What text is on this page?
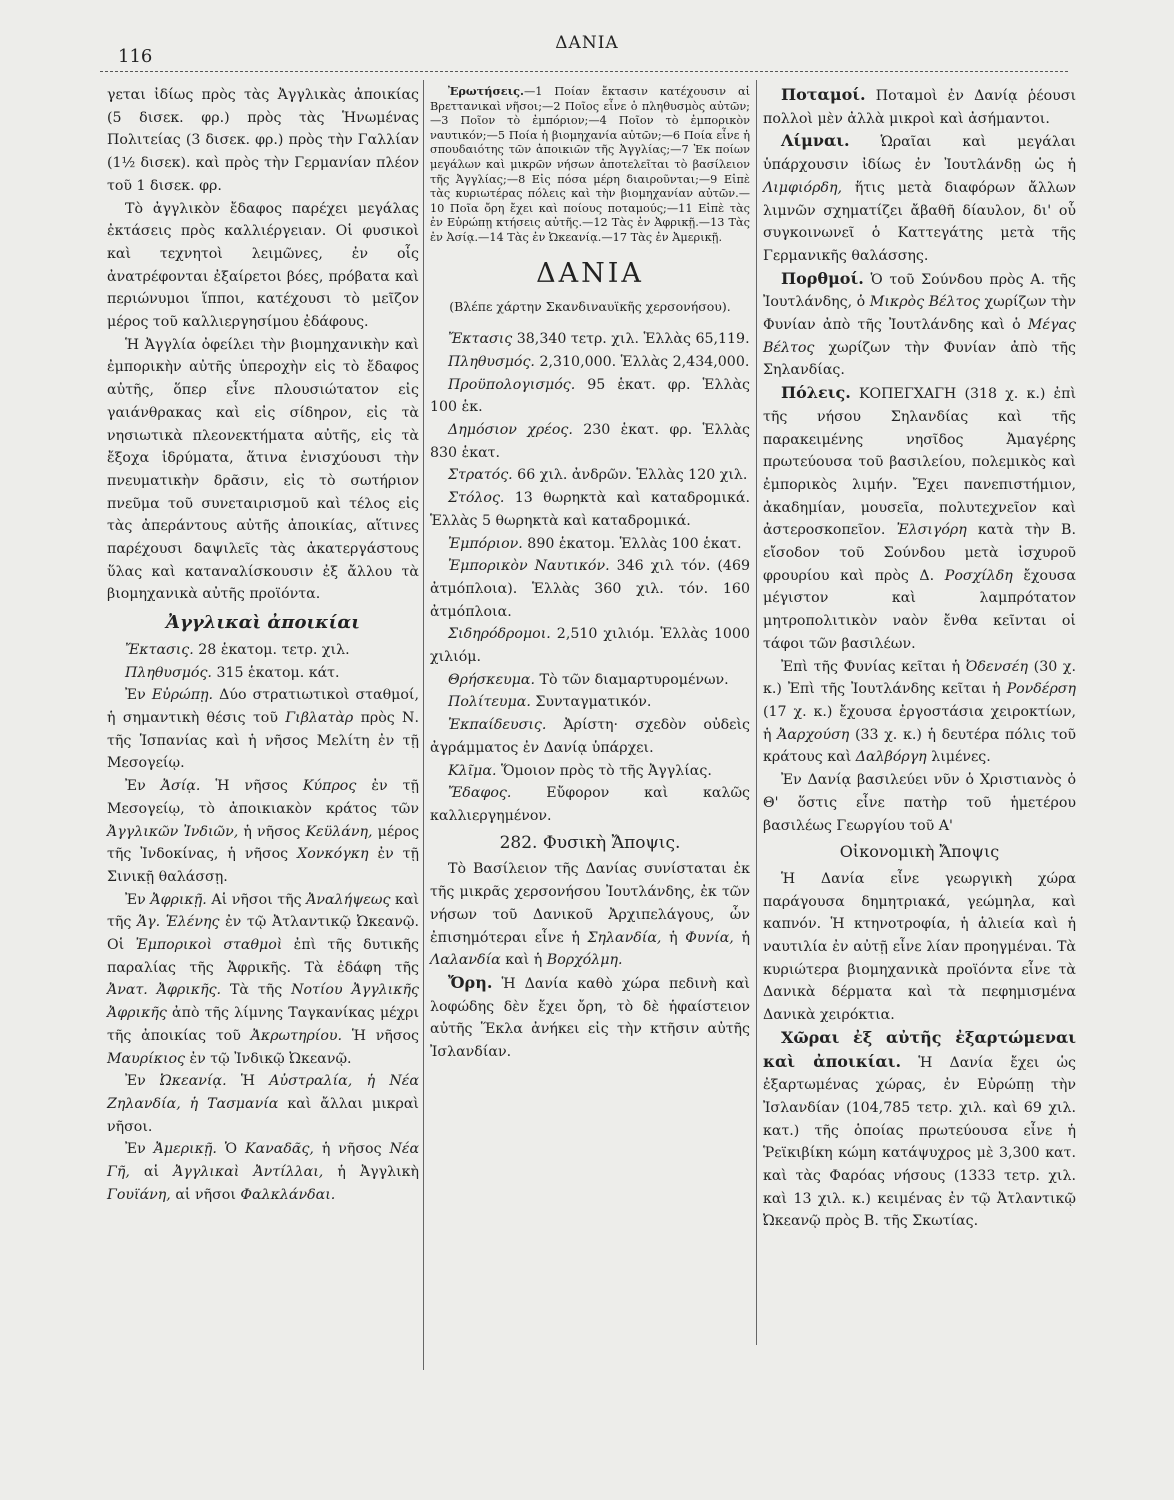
116
ΔΑΝΙΑ

γεται ἰδίως πρὸς τὰς Ἀγγλικὰς ἀποικίας (5 δισεκ. φρ.) πρὸς τὰς Ἡνωμένας Πολιτείας (3 δισεκ. φρ.) πρὸς τὴν Γαλλίαν (1½ δισεκ). καὶ πρὸς τὴν Γερμανίαν πλέον τοῦ 1 δισεκ. φρ.

Τὸ ἀγγλικὸν ἔδαφος παρέχει μεγάλας ἐκτάσεις πρὸς καλλιέργειαν. Οἱ φυσικοὶ καὶ τεχνητοὶ λειμῶνες, ἐν οἷς ἀνατρέφονται ἐξαίρετοι βόες, πρόβατα καὶ περιώνυμοι ἵπποι, κατέχουσι τὸ μεῖζον μέρος τοῦ καλλιεργησίμου ἐδάφους.

Ἡ Ἀγγλία ὀφείλει τὴν βιομηχανικὴν καὶ ἐμπορικὴν αὐτῆς ὑπεροχὴν εἰς τὸ ἔδαφος αὐτῆς, ὅπερ εἶνε πλουσιώτατον εἰς γαιάνθρακας καὶ εἰς σίδηρον, εἰς τὰ νησιωτικὰ πλεονεκτήματα αὐτῆς, εἰς τὰ ἔξοχα ἱδρύματα, ἅτινα ἐνισχύουσι τὴν πνευματικὴν δρᾶσιν, εἰς τὸ σωτήριον πνεῦμα τοῦ συνεταιρισμοῦ καὶ τέλος εἰς τὰς ἀπεράντους αὐτῆς ἀποικίας, αἵτινες παρέχουσι δαψιλεῖς τὰς ἀκατεργάστους ὕλας καὶ καταναλίσκουσιν ἐξ ἄλλου τὰ βιομηχανικὰ αὐτῆς προϊόντα.

Ἀγγλικαὶ ἀποικίαι

Ἔκτασις. 28 ἑκατομ. τετρ. χιλ.

Πληθυσμός. 315 ἑκατομ. κάτ.

Ἐν Εὐρώπῃ. Δύο στρατιωτικοὶ σταθμοί, ἡ σημαντικὴ θέσις τοῦ Γιβλατὰρ πρὸς Ν. τῆς Ἱσπανίας καὶ ἡ νῆσος Μελίτη ἐν τῇ Μεσογείῳ.

Ἐν Ἀσίᾳ. Ἡ νῆσος Κύπρος ἐν τῇ Μεσογείῳ, τὸ ἀποικιακὸν κράτος τῶν Ἀγγλικῶν Ἰνδιῶν, ἡ νῆσος Κεϋλάνη, μέρος τῆς Ἰνδοκίνας, ἡ νῆσος Χονκόγκη ἐν τῇ Σινικῇ θαλάσσῃ.

Ἐν Ἀφρικῇ. Αἱ νῆσοι τῆς Ἀναλήψεως καὶ τῆς Ἁγ. Ἑλένης ἐν τῷ Ἀτλαντικῷ Ὠκεανῷ. Οἱ Ἐμπορικοὶ σταθμοὶ ἐπὶ τῆς δυτικῆς παραλίας τῆς Ἀφρικῆς. Τὰ ἐδάφη τῆς Ἀνατ. Ἀφρικῆς. Τὰ τῆς Νοτίου Ἀγγλικῆς Ἀφρικῆς ἀπὸ τῆς λίμνης Ταγκανίκας μέχρι τῆς ἀποικίας τοῦ Ἀκρωτηρίου. Ἡ νῆσος Μαυρίκιος ἐν τῷ Ἰνδικῷ Ὠκεανῷ.

Ἐν Ὠκεανίᾳ. Ἡ Αὐστραλία, ἡ Νέα Ζηλανδία, ἡ Τασμανία καὶ ἄλλαι μικραὶ νῆσοι.

Ἐν Ἀμερικῇ. Ὁ Καναδᾶς, ἡ νῆσος Νέα Γῆ, αἱ Ἀγγλικαὶ Ἀντίλλαι, ἡ Ἀγγλικὴ Γουϊάνη, αἱ νῆσοι Φαλκλάνδαι.

Ἐρωτήσεις.—1 Ποίαν ἔκτασιν κατέχουσιν αἱ Βρεττανικαὶ νῆσοι;—2 Ποῖος εἶνε ὁ πληθυσμὸς αὐτῶν;—3 Ποῖον τὸ ἐμπόριον;—4 Ποῖον τὸ ἐμπορικὸν ναυτικόν;—5 Ποία ἡ βιομηχανία αὐτῶν;—6 Ποία εἶνε ἡ σπουδαιότης τῶν ἀποικιῶν τῆς Ἀγγλίας;—7 Ἐκ ποίων μεγάλων καὶ μικρῶν νήσων ἀποτελεῖται τὸ βασίλειον τῆς Ἀγγλίας;—8 Εἰς πόσα μέρη διαιροῦνται;—9 Εἰπὲ τὰς κυριωτέρας πόλεις καὶ τὴν βιομηχανίαν αὐτῶν.—10 Ποῖα ὄρη ἔχει καὶ ποίους ποταμούς;—11 Εἰπὲ τὰς ἐν Εὐρώπῃ κτήσεις αὐτῆς.—12 Τὰς ἐν Ἀφρικῇ.—13 Τὰς ἐν Ἀσίᾳ.—14 Τὰς ἐν Ὠκεανίᾳ.—17 Τὰς ἐν Ἀμερικῇ.

ΔΑΝΙΑ
(Βλέπε χάρτην Σκανδιναυϊκῆς χερσονήσου).

Ἔκτασις 38,340 τετρ. χιλ. Ἑλλὰς 65,119.

Πληθυσμός. 2,310,000. Ἑλλὰς 2,434,000.

Προϋπολογισμός. 95 ἑκατ. φρ. Ἑλλὰς 100 ἑκ.

Δημόσιον χρέος. 230 ἑκατ. φρ. Ἑλλὰς 830 ἑκατ.

Στρατός. 66 χιλ. ἀνδρῶν. Ἑλλὰς 120 χιλ.

Στόλος. 13 θωρηκτὰ καὶ καταδρομικά. Ἑλλὰς 5 θωρηκτὰ καὶ καταδρομικά.

Ἐμπόριον. 890 ἑκατομ. Ἑλλὰς 100 ἑκατ.

Ἐμπορικὸν Ναυτικόν. 346 χιλ τόν. (469 ἀτμόπλοια). Ἑλλὰς 360 χιλ. τόν. 160 ἀτμόπλοια.

Σιδηρόδρομοι. 2,510 χιλιόμ. Ἑλλὰς 1000 χιλιόμ.

Θρήσκευμα. Τὸ τῶν διαμαρτυρομένων.

Πολίτευμα. Συνταγματικόν.

Ἐκπαίδευσις. Ἀρίστη· σχεδὸν οὐδεὶς ἀγράμματος ἐν Δανίᾳ ὑπάρχει.

Κλῖμα. Ὅμοιον πρὸς τὸ τῆς Ἀγγλίας.

Ἔδαφος. Εὔφορον καὶ καλῶς καλλιεργημένον.

282. Φυσικὴ Ἄποψις.

Τὸ Βασίλειον τῆς Δανίας συνίσταται ἐκ τῆς μικρᾶς χερσονήσου Ἰουτλάνδης, ἐκ τῶν νήσων τοῦ Δανικοῦ Ἀρχιπελάγους, ὧν ἐπισημότεραι εἶνε ἡ Σηλανδία, ἡ Φυνία, ἡ Λαλανδία καὶ ἡ Βορχόλμη.

Ὄρη. Ἡ Δανία καθὸ χώρα πεδινὴ καὶ λοφώδης δὲν ἔχει ὄρη, τὸ δὲ ἡφαίστειον αὐτῆς Ἕκλα ἀνήκει εἰς τὴν κτῆσιν αὐτῆς Ἰσλανδίαν.

Ποταμοί. Ποταμοὶ ἐν Δανίᾳ ῥέουσι πολλοὶ μὲν ἀλλὰ μικροὶ καὶ ἀσήμαντοι.

Λίμναι. Ὡραῖαι καὶ μεγάλαι ὑπάρχουσιν ἰδίως ἐν Ἰουτλάνδῃ ὡς ἡ Λιμφιόρδη, ἥτις μετὰ διαφόρων ἄλλων λιμνῶν σχηματίζει ἄβαθῆ δίαυλον, δι' οὗ συγκοινωνεῖ ὁ Καττεγάτης μετὰ τῆς Γερμανικῆς θαλάσσης.

Πορθμοί. Ὁ τοῦ Σούνδου πρὸς Α. τῆς Ἰουτλάνδης, ὁ Μικρὸς Βέλτος χωρίζων τὴν Φυνίαν ἀπὸ τῆς Ἰουτλάνδης καὶ ὁ Μέγας Βέλτος χωρίζων τὴν Φυνίαν ἀπὸ τῆς Σηλανδίας.

Πόλεις. ΚΟΠΕΓΧΑΓΗ (318 χ. κ.) ἐπὶ τῆς νήσου Σηλανδίας καὶ τῆς παρακειμένης νησῖδος Ἀμαγέρης πρωτεύουσα τοῦ βασιλείου, πολεμικὸς καὶ ἐμπορικὸς λιμήν. Ἔχει πανεπιστήμιον, ἀκαδημίαν, μουσεῖα, πολυτεχνεῖον καὶ ἀστεροσκοπεῖον. Ἐλσιγόρη κατὰ τὴν Β. εἴσοδον τοῦ Σούνδου μετὰ ἰσχυροῦ φρουρίου καὶ πρὸς Δ. Ροσχίλδη ἔχουσα μέγιστον καὶ λαμπρότατον μητροπολιτικὸν ναὸν ἔνθα κεῖνται οἱ τάφοι τῶν βασιλέων.

Ἐπὶ τῆς Φυνίας κεῖται ἡ Ὀδενσέη (30 χ. κ.) Ἐπὶ τῆς Ἰουτλάνδης κεῖται ἡ Ρονδέρση (17 χ. κ.) ἔχουσα ἐργοστάσια χειροκτίων, ἡ Ἀαρχούση (33 χ. κ.) ἡ δευτέρα πόλις τοῦ κράτους καὶ Δαλβόργη λιμένες.

Ἐν Δανίᾳ βασιλεύει νῦν ὁ Χριστιανὸς ὁ Θ' ὅστις εἶνε πατὴρ τοῦ ἡμετέρου βασιλέως Γεωργίου τοῦ Α'

Οἰκονομικὴ Ἄποψις

Ἡ Δανία εἶνε γεωργικὴ χώρα παράγουσα δημητριακά, γεώμηλα, καὶ καπνόν. Ἡ κτηνοτροφία, ἡ ἁλιεία καὶ ἡ ναυτιλία ἐν αὐτῇ εἶνε λίαν προηγμέναι. Τὰ κυριώτερα βιομηχανικὰ προϊόντα εἶνε τὰ Δανικὰ δέρματα καὶ τὰ πεφημισμένα Δανικὰ χειρόκτια.

Χῶραι ἐξ αὐτῆς ἐξαρτώμεναι καὶ ἀποικίαι. Ἡ Δανία ἔχει ὡς ἐξαρτωμένας χώρας, ἐν Εὐρώπῃ τὴν Ἰσλανδίαν (104,785 τετρ. χιλ. καὶ 69 χιλ. κατ.) τῆς ὁποίας πρωτεύουσα εἶνε ἡ Ῥεϊκιβίκη κώμη κατάψυχρος μὲ 3,300 κατ. καὶ τὰς Φαρόας νήσους (1333 τετρ. χιλ. καὶ 13 χιλ. κ.) κειμένας ἐν τῷ Ἀτλαντικῷ Ὠκεανῷ πρὸς Β. τῆς Σκωτίας.
